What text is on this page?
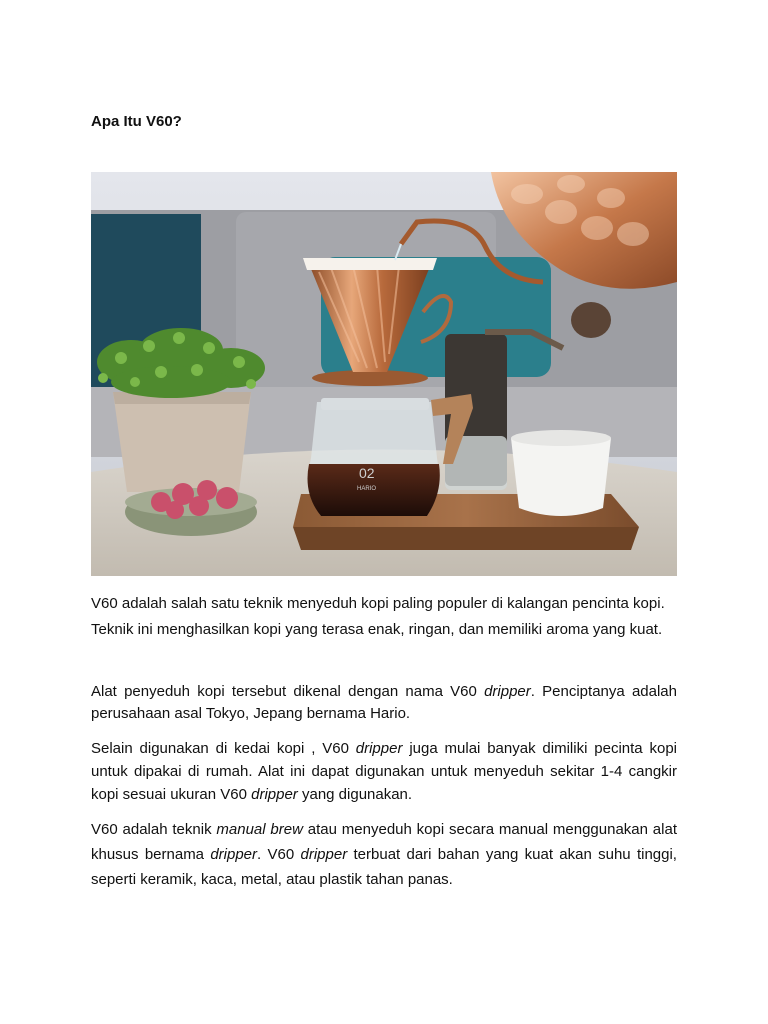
Apa Itu V60?
02
HARIO

V60 adalah salah satu teknik menyeduh kopi paling populer di kalangan pencinta kopi. Teknik ini menghasilkan kopi yang terasa enak, ringan, dan memiliki aroma yang kuat.

Alat penyeduh kopi tersebut dikenal dengan nama V60 dripper. Penciptanya adalah perusahaan asal Tokyo, Jepang bernama Hario.

Selain digunakan di kedai kopi , V60 dripper juga mulai banyak dimiliki pecinta kopi untuk dipakai di rumah. Alat ini dapat digunakan untuk menyeduh sekitar 1-4 cangkir kopi sesuai ukuran V60 dripper yang digunakan.

V60 adalah teknik manual brew atau menyeduh kopi secara manual menggunakan alat khusus bernama dripper. V60 dripper terbuat dari bahan yang kuat akan suhu tinggi, seperti keramik, kaca, metal, atau plastik tahan panas.
